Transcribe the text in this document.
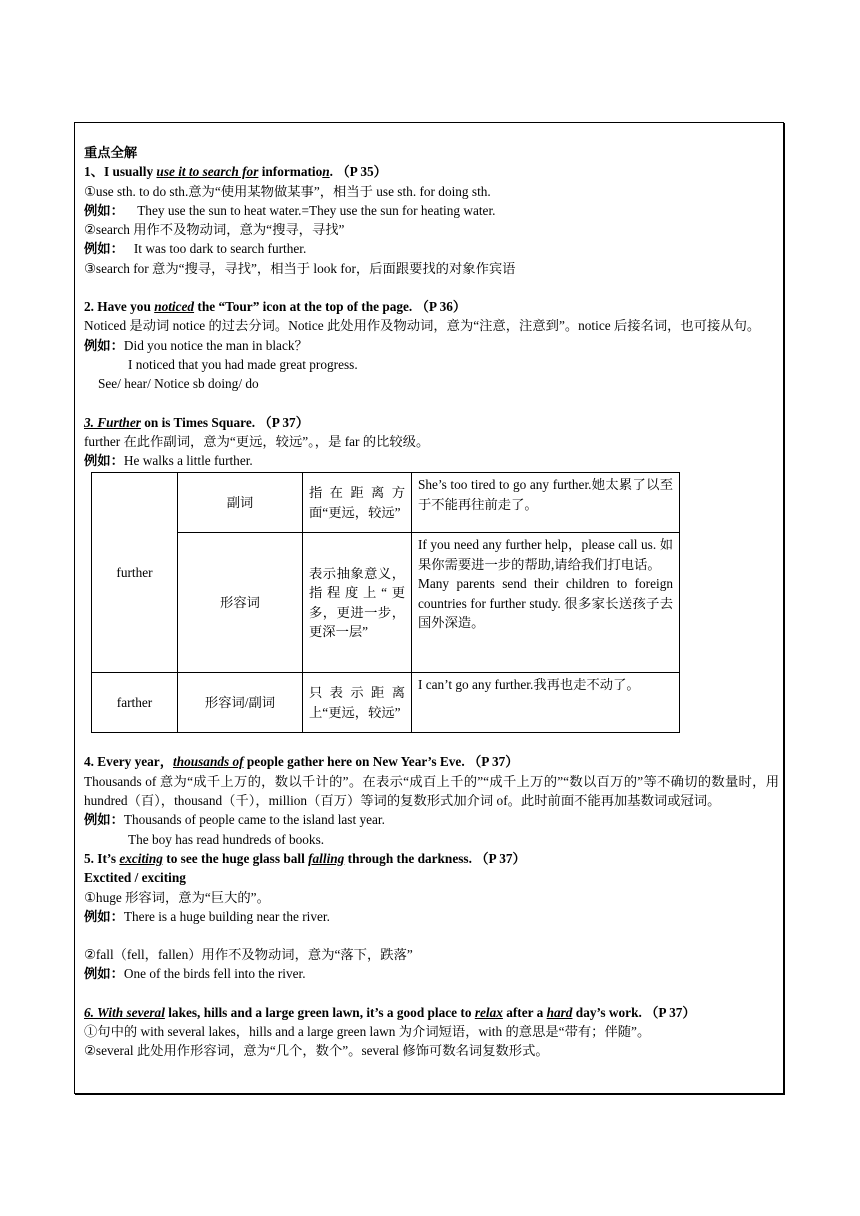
重点全解
1、I usually use it to search for information. （P 35）
①use sth. to do sth.意为“使用某物做某事”，相当于 use sth. for doing sth.
例如： They use the sun to heat water.=They use the sun for heating water.
②search 用作不及物动词，意为“搜寻，寻找”
例如： It was too dark to search further.
③search for 意为“搜寻，寻找”，相当于 look for，后面跟要找的对象作宾语
2. Have you noticed the “Tour” icon at the top of the page. （P 36）
Noticed 是动词 notice 的过去分词。Notice 此处用作及物动词，意为“注意，注意到”。notice 后接名词，也可接从句。
例如：Did you notice the man in black？
I noticed that you had made great progress.
See/ hear/ Notice sb doing/ do
3. Further on is Times Square. （P 37）
further 在此作副词，意为“更远，较远”。，是 far 的比较级。
例如：He walks a little further.
further	副词	指在距离方面“更远，较远”	She’s too tired to go any further.她太累了以至于不能再往前走了。
	形容词	表示抽象意义，指程度上“更多，更进一步，更深一层”	If you need any further help，please call us. 如果你需要进一步的帮助,请给我们打电话。
Many parents send their children to foreign countries for further study. 很多家长送孩子去国外深造。

farther	形容词/副词	只表示距离上“更远，较远”	I can’t go any further.我再也走不动了。
4. Every year，thousands of people gather here on New Year’s Eve. （P 37）
Thousands of 意为“成千上万的，数以千计的”。在表示“成百上千的”“成千上万的”“数以百万的”等不确切的数量时，用 hundred（百），thousand（千），million（百万）等词的复数形式加介词 of。此时前面不能再加基数词或冠词。
例如：Thousands of people came to the island last year.
The boy has read hundreds of books.
5. It’s exciting to see the huge glass ball falling through the darkness. （P 37）
Exctited / exciting
①huge 形容词，意为“巨大的”。
例如：There is a huge building near the river.
②fall（fell，fallen）用作不及物动词，意为“落下，跌落”
例如：One of the birds fell into the river.
6. With several lakes, hills and a large green lawn, it’s a good place to relax after a hard day’s work. （P 37）
①句中的 with several lakes，hills and a large green lawn 为介词短语，with 的意思是“带有；伴随”。
②several 此处用作形容词，意为“几个，数个”。several 修饰可数名词复数形式。
